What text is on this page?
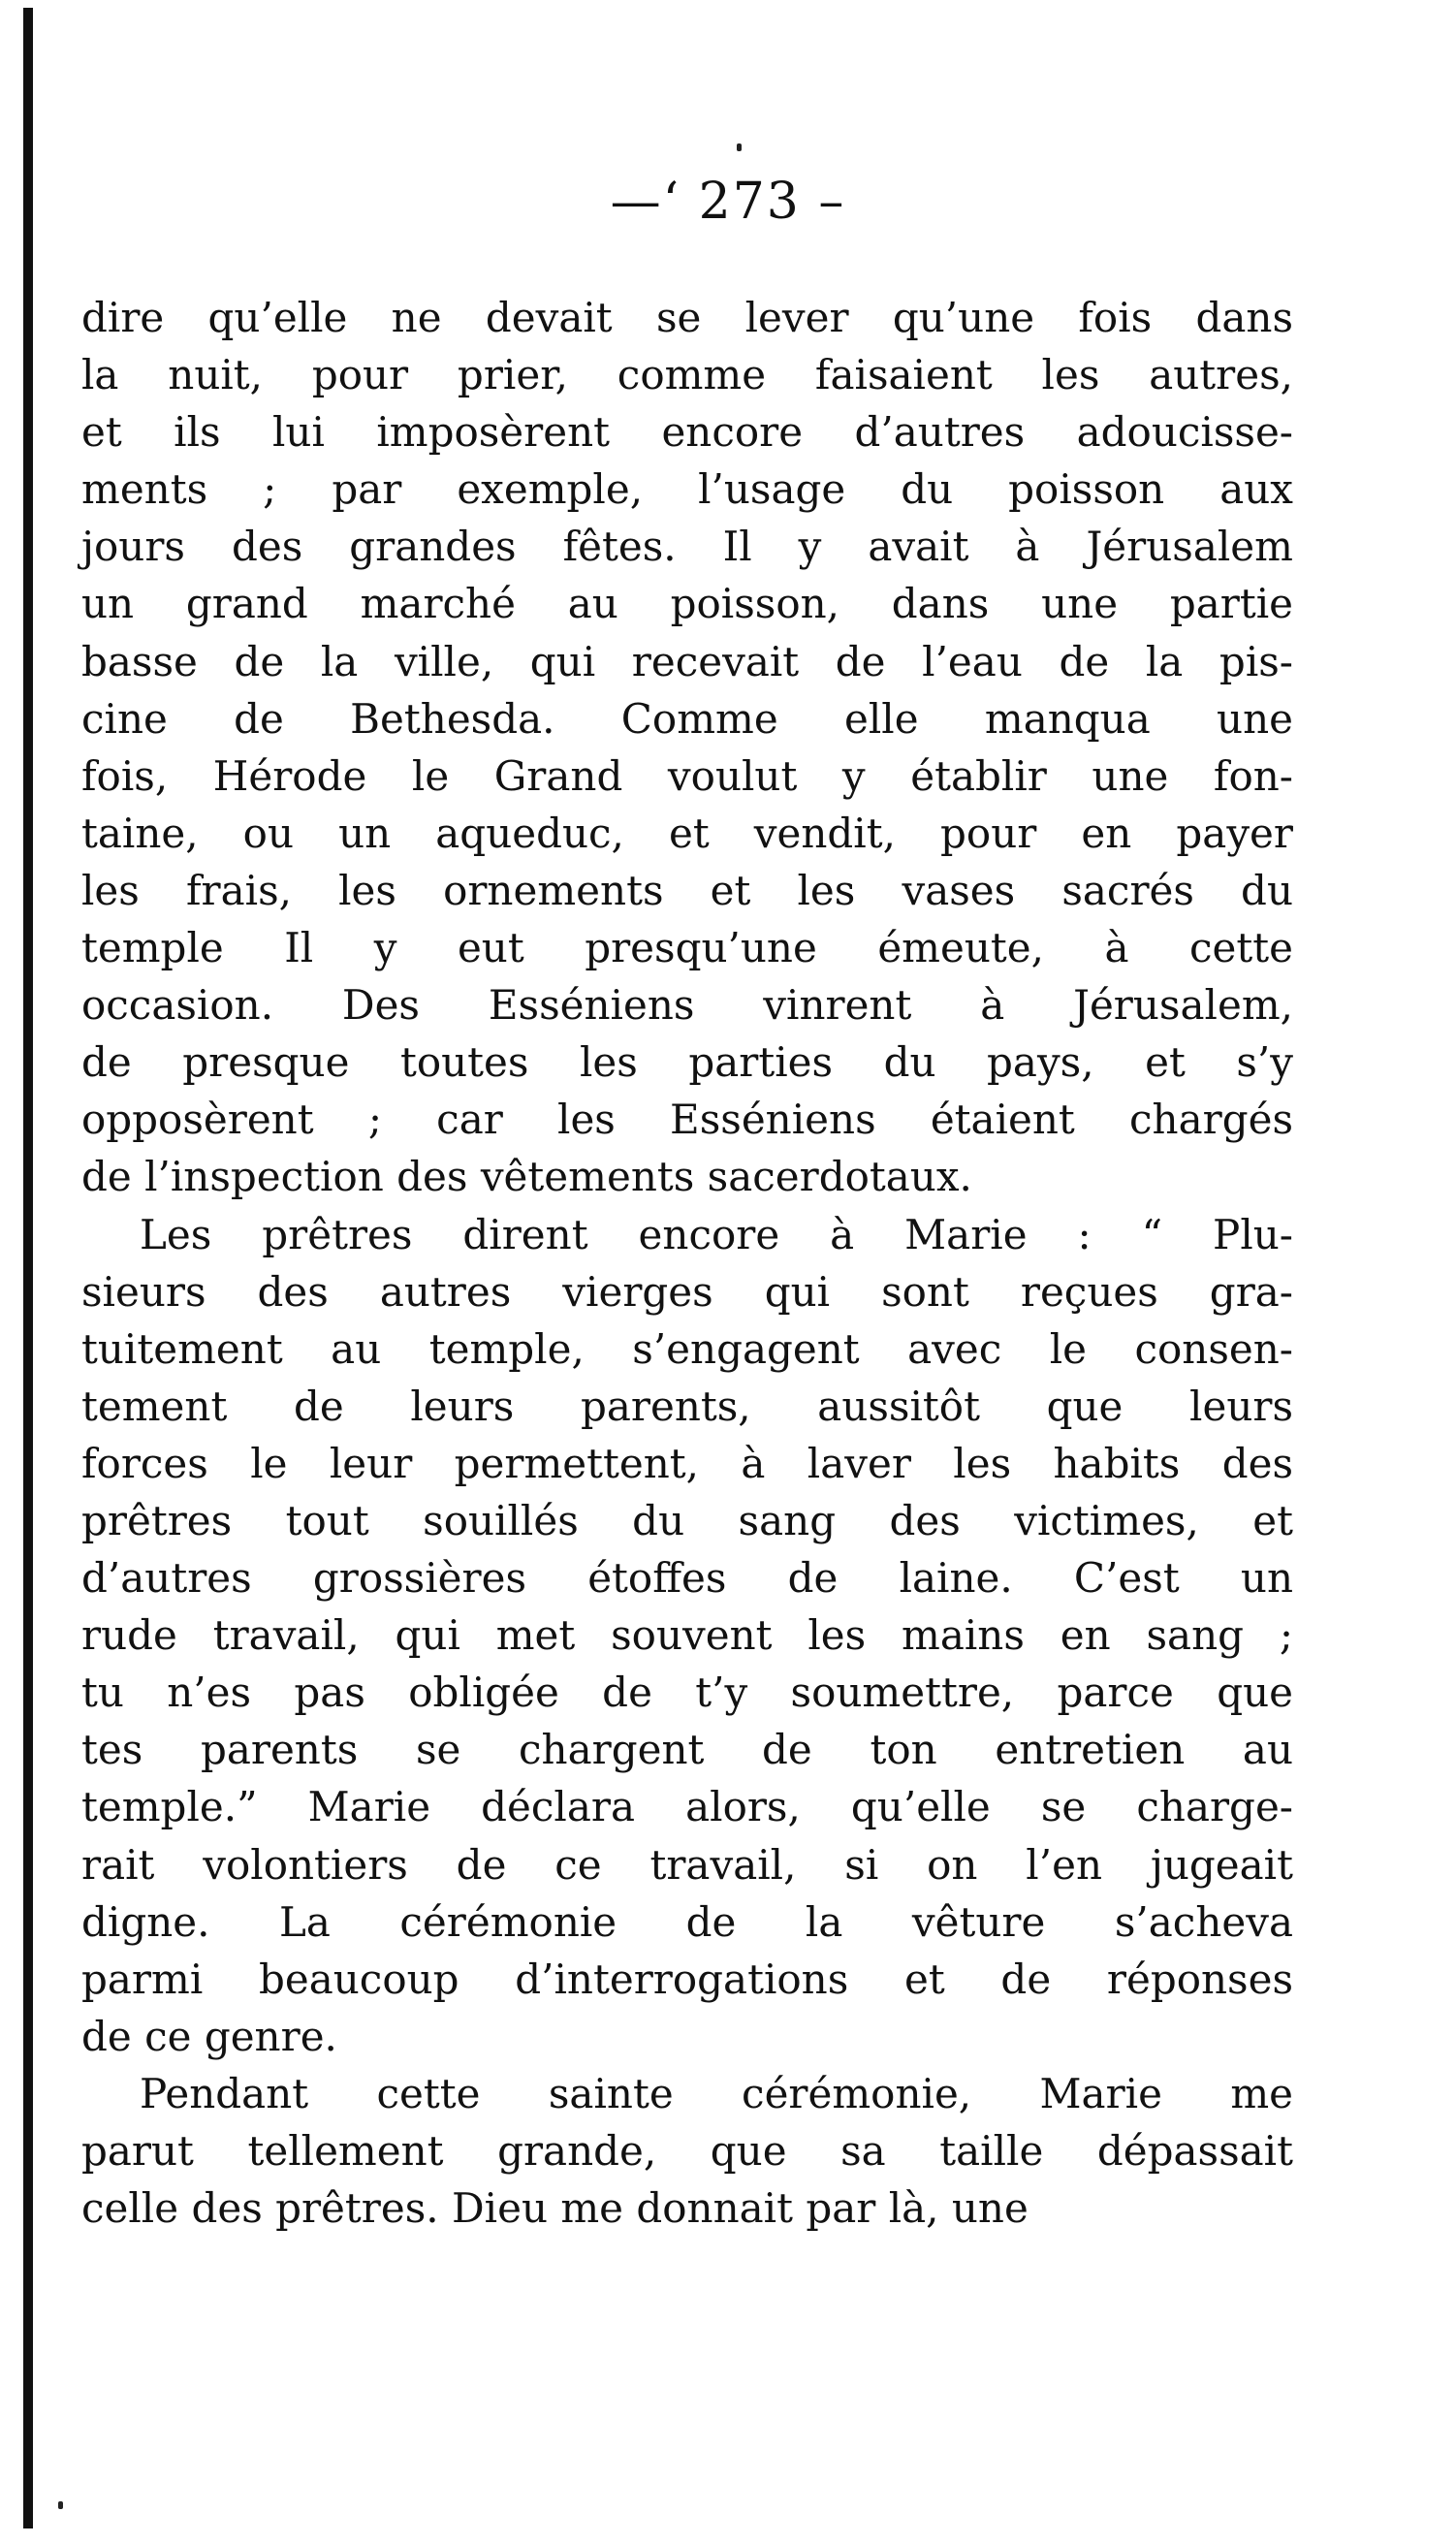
—‘ 273 –
dire qu’elle ne devait se lever qu’une fois dans
la nuit, pour prier, comme faisaient les autres,
et ils lui imposèrent encore d’autres adoucisse-
ments ; par exemple, l’usage du poisson aux
jours des grandes fêtes. Il y avait à Jérusalem
un grand marché au poisson, dans une partie
basse de la ville, qui recevait de l’eau de la pis-
cine de Bethesda. Comme elle manqua une
fois, Hérode le Grand voulut y établir une fon-
taine, ou un aqueduc, et vendit, pour en payer
les frais, les ornements et les vases sacrés du
temple Il y eut presqu’une émeute, à cette
occasion. Des Esséniens vinrent à Jérusalem,
de presque toutes les parties du pays, et s’y
opposèrent ; car les Esséniens étaient chargés
de l’inspection des vêtements sacerdotaux.
Les prêtres dirent encore à Marie : “ Plu-
sieurs des autres vierges qui sont reçues gra-
tuitement au temple, s’engagent avec le consen-
tement de leurs parents, aussitôt que leurs
forces le leur permettent, à laver les habits des
prêtres tout souillés du sang des victimes, et
d’autres grossières étoffes de laine. C’est un
rude travail, qui met souvent les mains en sang ;
tu n’es pas obligée de t’y soumettre, parce que
tes parents se chargent de ton entretien au
temple.” Marie déclara alors, qu’elle se charge-
rait volontiers de ce travail, si on l’en jugeait
digne. La cérémonie de la vêture s’acheva
parmi beaucoup d’interrogations et de réponses
de ce genre.
Pendant cette sainte cérémonie, Marie me
parut tellement grande, que sa taille dépassait
celle des prêtres. Dieu me donnait par là, une
